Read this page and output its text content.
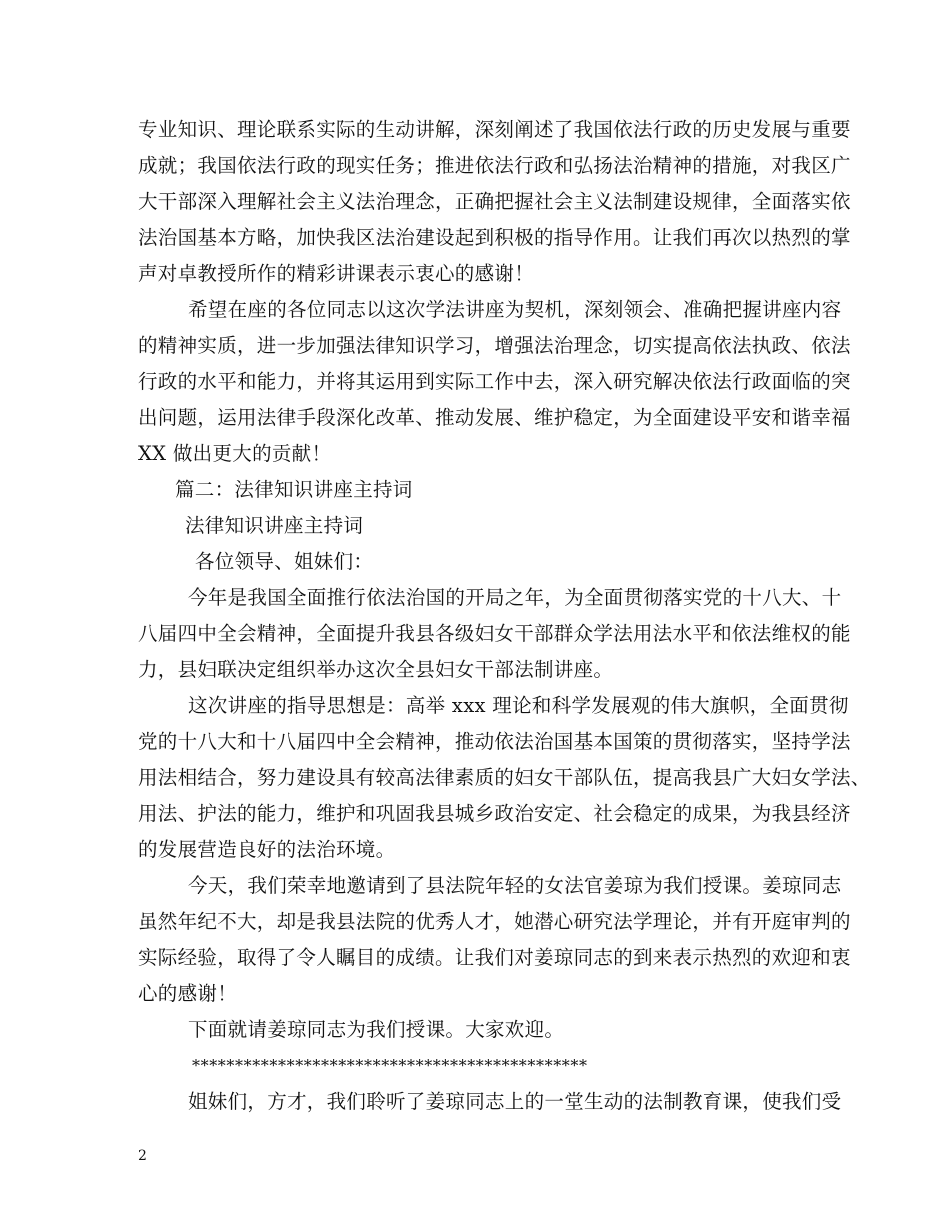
专业知识、理论联系实际的生动讲解，深刻阐述了我国依法行政的历史发展与重要
成就；我国依法行政的现实任务；推进依法行政和弘扬法治精神的措施，对我区广
大干部深入理解社会主义法治理念，正确把握社会主义法制建设规律，全面落实依
法治国基本方略，加快我区法治建设起到积极的指导作用。让我们再次以热烈的掌
声对卓教授所作的精彩讲课表示衷心的感谢！
希望在座的各位同志以这次学法讲座为契机，深刻领会、准确把握讲座内容
的精神实质，进一步加强法律知识学习，增强法治理念，切实提高依法执政、依法
行政的水平和能力，并将其运用到实际工作中去，深入研究解决依法行政面临的突
出问题，运用法律手段深化改革、推动发展、维护稳定，为全面建设平安和谐幸福
XX 做出更大的贡献！
篇二：法律知识讲座主持词
法律知识讲座主持词
各位领导、姐妹们：
今年是我国全面推行依法治国的开局之年，为全面贯彻落实党的十八大、十
八届四中全会精神，全面提升我县各级妇女干部群众学法用法水平和依法维权的能
力，县妇联决定组织举办这次全县妇女干部法制讲座。
这次讲座的指导思想是：高举 xxx 理论和科学发展观的伟大旗帜，全面贯彻
党的十八大和十八届四中全会精神，推动依法治国基本国策的贯彻落实，坚持学法
用法相结合，努力建设具有较高法律素质的妇女干部队伍，提高我县广大妇女学法、
用法、护法的能力，维护和巩固我县城乡政治安定、社会稳定的成果，为我县经济
的发展营造良好的法治环境。
今天，我们荣幸地邀请到了县法院年轻的女法官姜琼为我们授课。姜琼同志
虽然年纪不大，却是我县法院的优秀人才，她潜心研究法学理论，并有开庭审判的
实际经验，取得了令人瞩目的成绩。让我们对姜琼同志的到来表示热烈的欢迎和衷
心的感谢！
下面就请姜琼同志为我们授课。大家欢迎。
**********************************************
姐妹们，方才，我们聆听了姜琼同志上的一堂生动的法制教育课，使我们受
2
